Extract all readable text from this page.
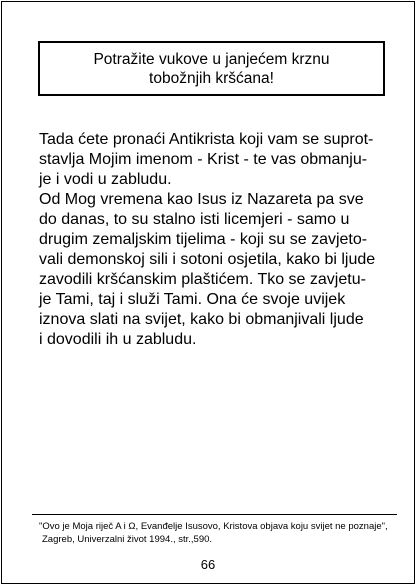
Potražite vukove u janjećem krznu
tobožnjih kršćana!
Tada ćete pronaći Antikrista koji vam se suprot-
stavlja Mojim imenom - Krist - te vas obmanju-
je i vodi u zabludu.
Od Mog vremena kao Isus iz Nazareta pa sve
do danas, to su stalno isti licemjeri - samo u
drugim zemaljskim tijelima - koji su se zavjeto-
vali demonskoj sili i sotoni osjetila, kako bi ljude
zavodili kršćanskim plaštićem. Tko se zavjetu-
je Tami, taj i služi Tami. Ona će svoje uvijek
iznova slati na svijet, kako bi obmanjivali ljude
i dovodili ih u zabludu.
"Ovo je Moja riječ A i Ω, Evanđelje Isusovo, Kristova objava koju svijet ne poznaje",
Zagreb, Univerzalni život 1994., str.,590.
66
